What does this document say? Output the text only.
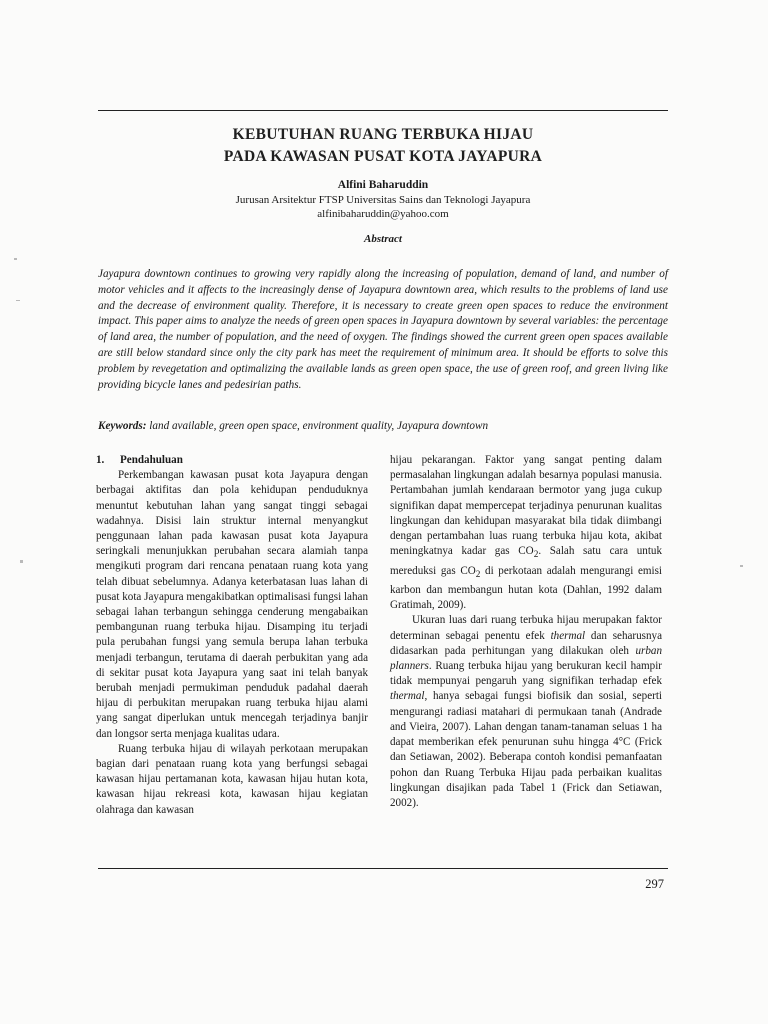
KEBUTUHAN RUANG TERBUKA HIJAU
PADA KAWASAN PUSAT KOTA JAYAPURA
Alfini Baharuddin
Jurusan Arsitektur FTSP Universitas Sains dan Teknologi Jayapura
alfinibaharuddin@yahoo.com
Abstract
Jayapura downtown continues to growing very rapidly along the increasing of population, demand of land, and number of motor vehicles and it affects to the increasingly dense of Jayapura downtown area, which results to the problems of land use and the decrease of environment quality. Therefore, it is necessary to create green open spaces to reduce the environment impact. This paper aims to analyze the needs of green open spaces in Jayapura downtown by several variables: the percentage of land area, the number of population, and the need of oxygen. The findings showed the current green open spaces available are still below standard since only the city park has meet the requirement of minimum area. It should be efforts to solve this problem by revegetation and optimalizing the available lands as green open space, the use of green roof, and green living like providing bicycle lanes and pedesirian paths.
Keywords: land available, green open space, environment quality, Jayapura downtown

1. Pendahuluan

Perkembangan kawasan pusat kota Jayapura dengan berbagai aktifitas dan pola kehidupan penduduknya menuntut kebutuhan lahan yang sangat tinggi sebagai wadahnya. Disisi lain struktur internal menyangkut penggunaan lahan pada kawasan pusat kota Jayapura seringkali menunjukkan perubahan secara alamiah tanpa mengikuti program dari rencana penataan ruang kota yang telah dibuat sebelumnya. Adanya keterbatasan luas lahan di pusat kota Jayapura mengakibatkan optimalisasi fungsi lahan sebagai lahan terbangun sehingga cenderung mengabaikan pembangunan ruang terbuka hijau. Disamping itu terjadi pula perubahan fungsi yang semula berupa lahan terbuka menjadi terbangun, terutama di daerah perbukitan yang ada di sekitar pusat kota Jayapura yang saat ini telah banyak berubah menjadi permukiman penduduk padahal daerah hijau di perbukitan merupakan ruang terbuka hijau alami yang sangat diperlukan untuk mencegah terjadinya banjir dan longsor serta menjaga kualitas udara.

Ruang terbuka hijau di wilayah perkotaan merupakan bagian dari penataan ruang kota yang berfungsi sebagai kawasan hijau pertamanan kota, kawasan hijau hutan kota, kawasan hijau rekreasi kota, kawasan hijau kegiatan olahraga dan kawasan

hijau pekarangan. Faktor yang sangat penting dalam permasalahan lingkungan adalah besarnya populasi manusia. Pertambahan jumlah kendaraan bermotor yang juga cukup signifikan dapat mempercepat terjadinya penurunan kualitas lingkungan dan kehidupan masyarakat bila tidak diimbangi dengan pertambahan luas ruang terbuka hijau kota, akibat meningkatnya kadar gas $CO_2$. Salah satu cara untuk mereduksi gas $CO_2$ di perkotaan adalah mengurangi emisi karbon dan membangun hutan kota (Dahlan, 1992 dalam Gratimah, 2009).

Ukuran luas dari ruang terbuka hijau merupakan faktor determinan sebagai penentu efek thermal dan seharusnya didasarkan pada perhitungan yang dilakukan oleh urban planners. Ruang terbuka hijau yang berukuran kecil hampir tidak mempunyai pengaruh yang signifikan terhadap efek thermal, hanya sebagai fungsi biofisik dan sosial, seperti mengurangi radiasi matahari di permukaan tanah (Andrade and Vieira, 2007). Lahan dengan tanam-tanaman seluas 1 ha dapat memberikan efek penurunan suhu hingga 4°C (Frick dan Setiawan, 2002). Beberapa contoh kondisi pemanfaatan pohon dan Ruang Terbuka Hijau pada perbaikan kualitas lingkungan disajikan pada Tabel 1 (Frick dan Setiawan, 2002).

297
